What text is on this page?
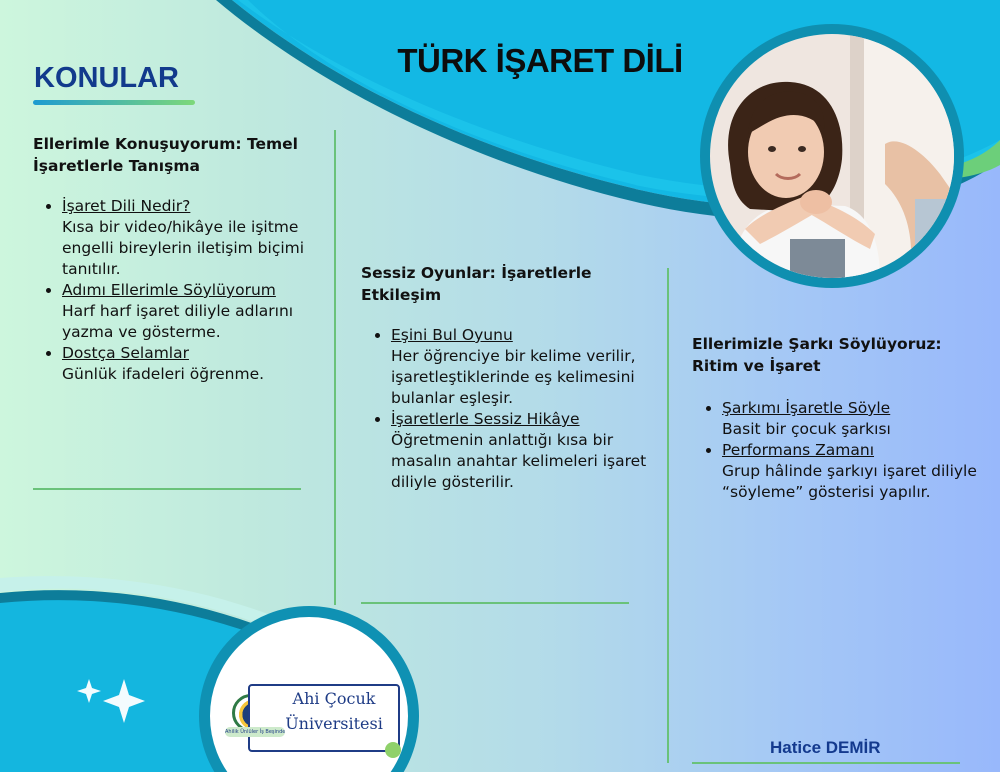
TÜRK İŞARET DİLİ
KONULAR
Ellerimle Konuşuyorum: Temel İşaretlerle Tanışma
İşaret Dili Nedir?
Kısa bir video/hikâye ile işitme engelli bireylerin iletişim biçimi tanıtılır.
Adımı Ellerimle Söylüyorum
Harf harf işaret diliyle adlarını yazma ve gösterme.
Dostça Selamlar
Günlük ifadeleri öğrenme.
Sessiz Oyunlar: İşaretlerle Etkileşim
Eşini Bul Oyunu
Her öğrenciye bir kelime verilir, işaretleştiklerinde eş kelimesini bulanlar eşleşir.
İşaretlerle Sessiz Hikâye
Öğretmenin anlattığı kısa bir masalın anahtar kelimeleri işaret diliyle gösterilir.
Ellerimizle Şarkı Söylüyoruz: Ritim ve İşaret
Şarkımı İşaretle Söyle
Basit bir çocuk şarkısı
Performans Zamanı
Grup hâlinde şarkıyı işaret diliyle “söyleme” gösterisi yapılır.
Ahi Çocuk
Üniversitesi
Ahilik Ünlüler İş Beşinde
Hatice DEMİR
